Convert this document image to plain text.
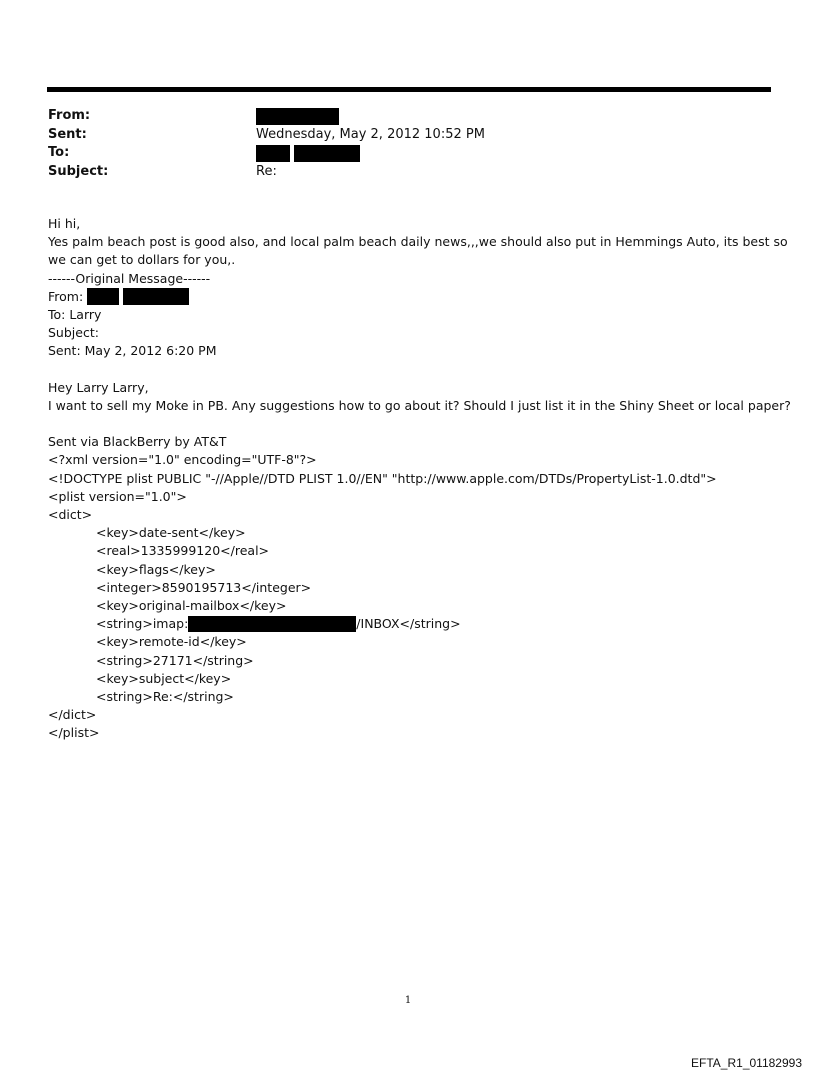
From:
Sent:	Wednesday, May 2, 2012 10:52 PM
To:
Subject:	Re:
Hi hi,
Yes palm beach post is good also, and local palm beach daily news,,,we should also put in Hemmings Auto, its best so we can get to dollars for you,.
------Original Message------
From:
To: Larry
Subject:
Sent: May 2, 2012 6:20 PM
Hey Larry Larry,
I want to sell my Moke in PB. Any suggestions how to go about it? Should I just list it in the Shiny Sheet or local paper?
Sent via BlackBerry by AT&T
<?xml version="1.0" encoding="UTF-8"?>
<!DOCTYPE plist PUBLIC "-//Apple//DTD PLIST 1.0//EN" "http://www.apple.com/DTDs/PropertyList-1.0.dtd">
<plist version="1.0">
<dict>
<key>date-sent</key>
<real>1335999120</real>
<key>flags</key>
<integer>8590195713</integer>
<key>original-mailbox</key>
<string>imap:	/INBOX</string>
<key>remote-id</key>
<string>27171</string>
<key>subject</key>
<string>Re:</string>
</dict>
</plist>
1
EFTA_R1_01182993
